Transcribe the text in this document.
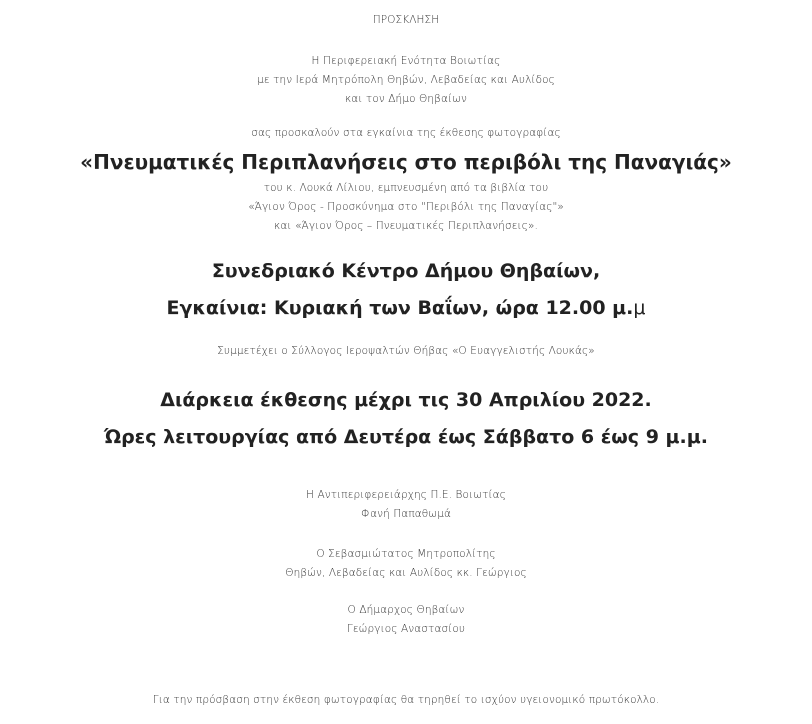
ΠΡΟΣΚΛΗΣΗ

Η Περιφερειακή Ενότητα Βοιωτίας

με την Ιερά Μητρόπολη Θηβών, Λεβαδείας και Αυλίδος

και τον Δήμο Θηβαίων

σας προσκαλούν στα εγκαίνια της έκθεσης φωτογραφίας

«Πνευματικές Περιπλανήσεις στο περιβόλι της Παναγιάς»

του κ. Λουκά Λίλιου, εμπνευσμένη από τα βιβλία του

«Άγιον Όρος - Προσκύνημα στο "Περιβόλι της Παναγίας"»

και «Άγιον Όρος – Πνευματικές Περιπλανήσεις».

Συνεδριακό Κέντρο Δήμου Θηβαίων,

Εγκαίνια: Κυριακή των Βαΐων, ώρα 12.00 μ.μ

Συμμετέχει ο Σύλλογος Ιεροψαλτών Θήβας «Ο Ευαγγελιστής Λουκάς»

Διάρκεια έκθεσης μέχρι τις 30 Απριλίου 2022.

Ώρες λειτουργίας από Δευτέρα έως Σάββατο 6 έως 9 μ.μ.

Η Αντιπεριφερειάρχης Π.Ε. Βοιωτίας

Φανή Παπαθωμά

Ο Σεβασμιώτατος Μητροπολίτης

Θηβών, Λεβαδείας και Αυλίδος κκ. Γεώργιος

Ο Δήμαρχος Θηβαίων

Γεώργιος Αναστασίου

Για την πρόσβαση στην έκθεση φωτογραφίας θα τηρηθεί το ισχύον υγειονομικό πρωτόκολλο.
